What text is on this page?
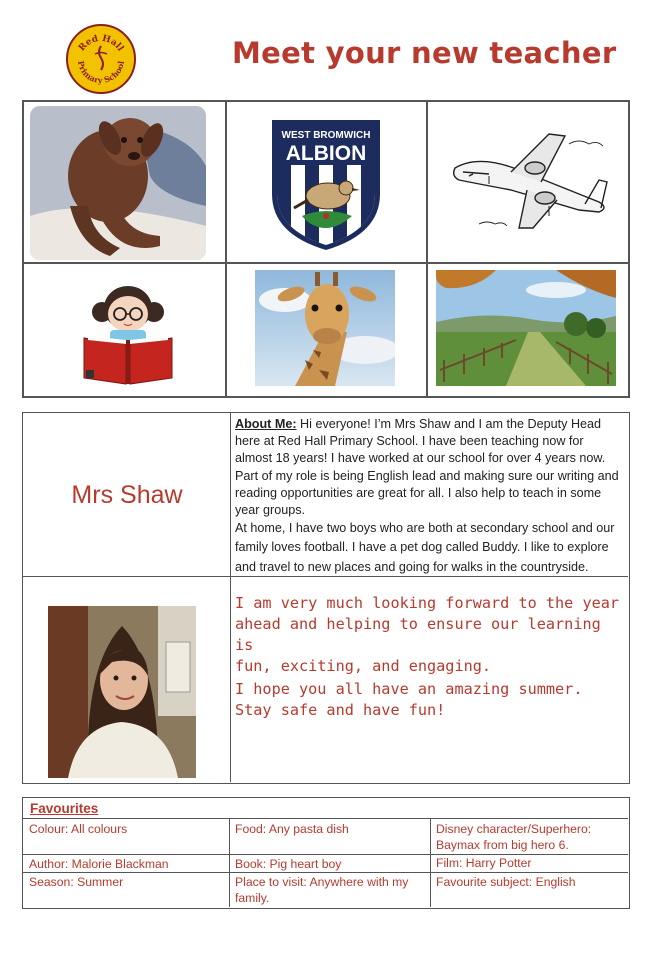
Red Hall
Primary School	Meet your new teacher
WEST BROMWICH
ALBION
Mrs Shaw
About Me: Hi everyone! I’m Mrs Shaw and I am the Deputy Head
here at Red Hall Primary School. I have been teaching now for
almost 18 years! I have worked at our school for over 4 years now.
Part of my role is being English lead and making sure our writing and
reading opportunities are great for all. I also help to teach in some
year groups.
At home, I have two boys who are both at secondary school and our
family loves football. I have a pet dog called Buddy. I like to explore
and travel to new places and going for walks in the countryside.
I am very much looking forward to the year
ahead and helping to ensure our learning is
fun, exciting, and engaging.
I hope you all have an amazing summer.
Stay safe and have fun!
Favourites
Colour: All colours	Food: Any pasta dish	Disney character/Superhero:
Baymax from big hero 6.
Author: Malorie Blackman	Book: Pig heart boy	Film: Harry Potter
Season: Summer	Place to visit: Anywhere with my
family.
Favourite subject: English
